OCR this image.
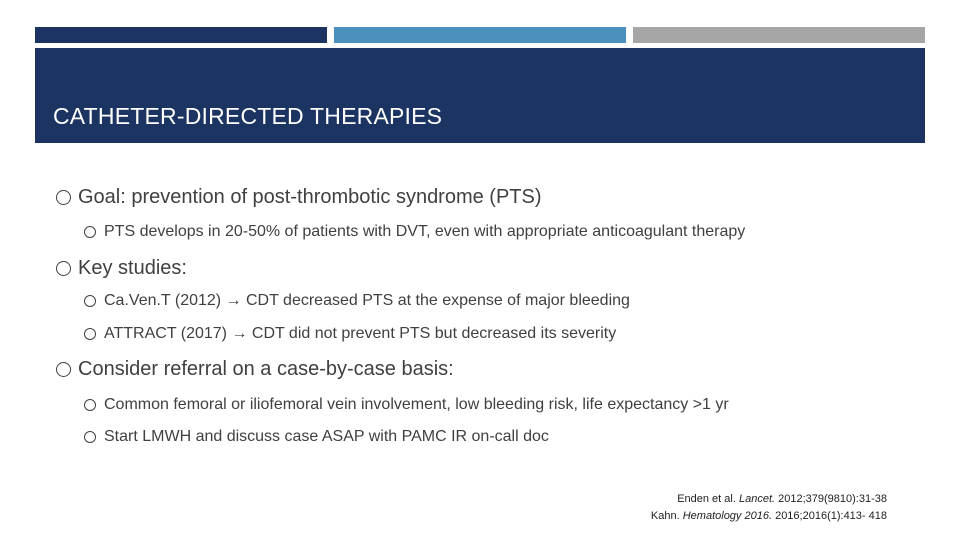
CATHETER-DIRECTED THERAPIES
Goal: prevention of post-thrombotic syndrome (PTS)
PTS develops in 20-50% of patients with DVT, even with appropriate anticoagulant therapy
Key studies:
Ca.Ven.T (2012) → CDT decreased PTS at the expense of major bleeding
ATTRACT (2017) → CDT did not prevent PTS but decreased its severity
Consider referral on a case-by-case basis:
Common femoral or iliofemoral vein involvement, low bleeding risk, life expectancy >1 yr
Start LMWH and discuss case ASAP with PAMC IR on-call doc
Enden et al. Lancet. 2012;379(9810):31-38
Kahn. Hematology 2016. 2016;2016(1):413- 418
